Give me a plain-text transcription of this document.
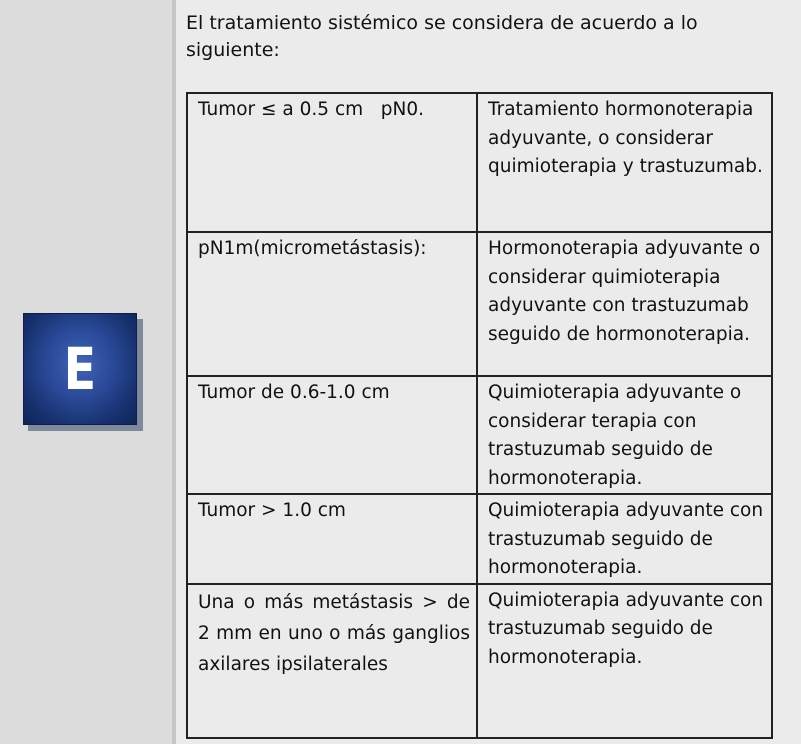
E
El tratamiento sistémico se considera de acuerdo a lo siguiente:
Tumor ≤ a 0.5 cm   pN0.	Tratamiento hormonoterapia adyuvante, o considerar quimioterapia y trastuzumab.
pN1m(micrometástasis):	Hormonoterapia adyuvante o considerar quimioterapia adyuvante con trastuzumab seguido de hormonoterapia.
Tumor de 0.6-1.0 cm	Quimioterapia adyuvante o considerar terapia con trastuzumab seguido de hormonoterapia.
Tumor > 1.0 cm	Quimioterapia adyuvante con trastuzumab seguido de hormonoterapia.
Una o más metástasis > de 2 mm en uno o más ganglios axilares ipsilaterales	Quimioterapia adyuvante con trastuzumab seguido de hormonoterapia.
